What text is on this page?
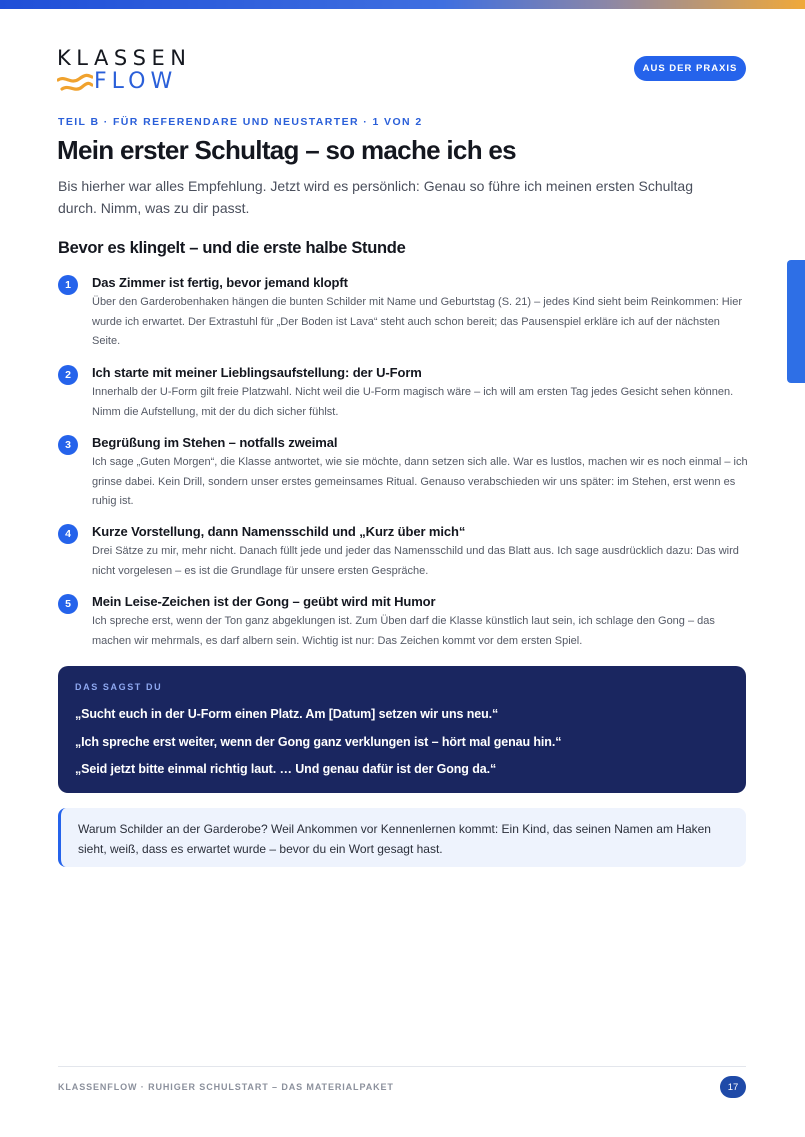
KLASSEN
FLOW
AUS DER PRAXIS
TEIL B · FÜR REFERENDARE UND NEUSTARTER · 1 VON 2
Mein erster Schultag – so mache ich es

Bis hierher war alles Empfehlung. Jetzt wird es persönlich: Genau so führe ich meinen ersten Schultag durch. Nimm, was zu dir passt.

Bevor es klingelt – und die erste halbe Stunde
1	Das Zimmer ist fertig, bevor jemand klopft
Über den Garderobenhaken hängen die bunten Schilder mit Name und Geburtstag (S. 21) – jedes Kind sieht beim Reinkommen: Hier wurde ich erwartet. Der Extrastuhl für „Der Boden ist Lava“ steht auch schon bereit; das Pausenspiel erkläre ich auf der nächsten Seite.
2	Ich starte mit meiner Lieblingsaufstellung: der U-Form
Innerhalb der U-Form gilt freie Platzwahl. Nicht weil die U-Form magisch wäre – ich will am ersten Tag jedes Gesicht sehen können. Nimm die Aufstellung, mit der du dich sicher fühlst.
3	Begrüßung im Stehen – notfalls zweimal
Ich sage „Guten Morgen“, die Klasse antwortet, wie sie möchte, dann setzen sich alle. War es lustlos, machen wir es noch einmal – ich grinse dabei. Kein Drill, sondern unser erstes gemeinsames Ritual. Genauso verabschieden wir uns später: im Stehen, erst wenn es ruhig ist.
4	Kurze Vorstellung, dann Namensschild und „Kurz über mich“
Drei Sätze zu mir, mehr nicht. Danach füllt jede und jeder das Namensschild und das Blatt aus. Ich sage ausdrücklich dazu: Das wird nicht vorgelesen – es ist die Grundlage für unsere ersten Gespräche.
5	Mein Leise-Zeichen ist der Gong – geübt wird mit Humor
Ich spreche erst, wenn der Ton ganz abgeklungen ist. Zum Üben darf die Klasse künstlich laut sein, ich schlage den Gong – das machen wir mehrmals, es darf albern sein. Wichtig ist nur: Das Zeichen kommt vor dem ersten Spiel.
DAS SAGST DU
„Sucht euch in der U-Form einen Platz. Am [Datum] setzen wir uns neu.“
„Ich spreche erst weiter, wenn der Gong ganz verklungen ist – hört mal genau hin.“
„Seid jetzt bitte einmal richtig laut. … Und genau dafür ist der Gong da.“
Warum Schilder an der Garderobe? Weil Ankommen vor Kennenlernen kommt: Ein Kind, das seinen Namen am Haken sieht, weiß, dass es erwartet wurde – bevor du ein Wort gesagt hast.
KLASSENFLOW · RUHIGER SCHULSTART – DAS MATERIALPAKET	17
